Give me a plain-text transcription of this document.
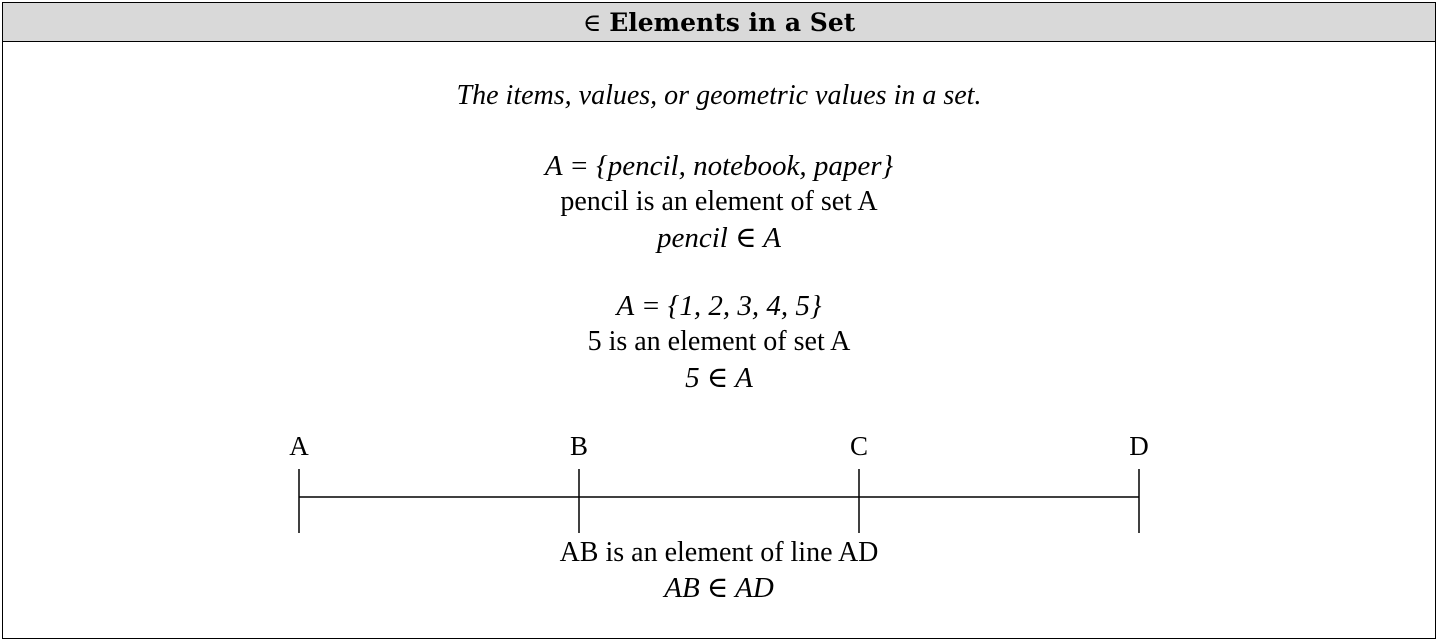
∈ Elements in a Set
The items, values, or geometric values in a set.
A = {pencil, notebook, paper}
pencil is an element of set A
pencil ∈ A
A = {1, 2, 3, 4, 5}
5 is an element of set A
5 ∈ A
A	B	C	D
AB is an element of line AD
AB ∈ AD
